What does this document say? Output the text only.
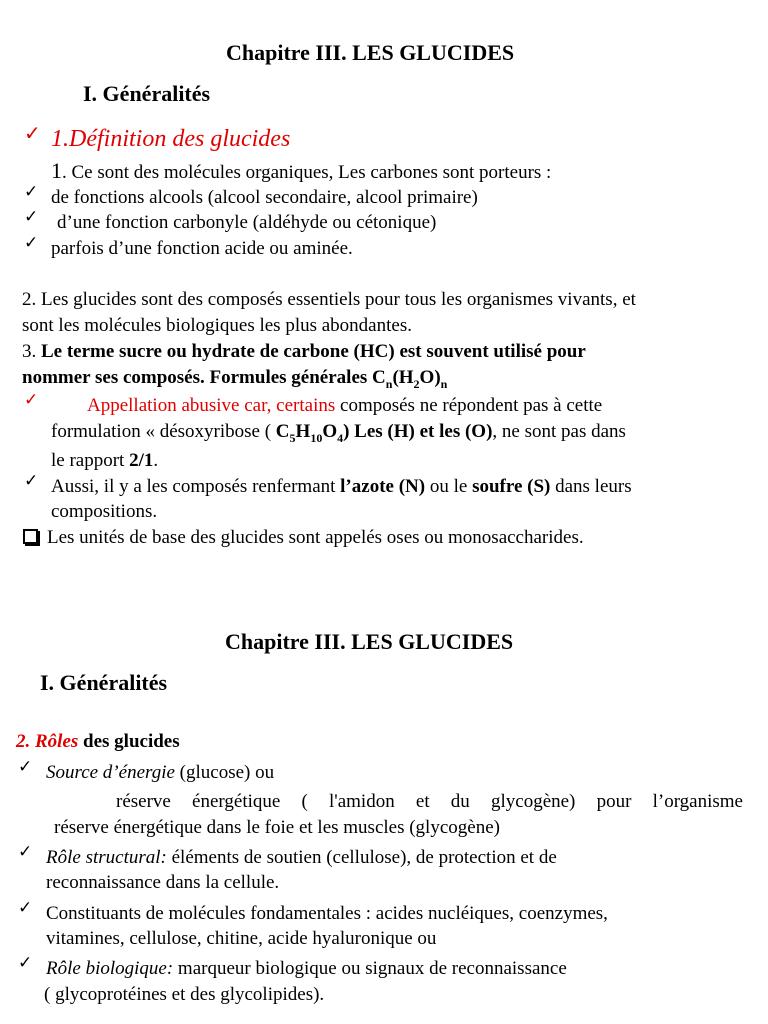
Chapitre III. LES GLUCIDES
I. Généralités
✓ 1.Définition des glucides
1. Ce sont des molécules organiques, Les carbones sont porteurs :
✓ de fonctions alcools (alcool secondaire, alcool primaire)
✓ d’une fonction carbonyle (aldéhyde ou cétonique)
✓ parfois d’une fonction acide ou aminée.
2. Les glucides sont des composés essentiels pour tous les organismes vivants, et
sont les molécules biologiques les plus abondantes.
3. Le terme sucre ou hydrate de carbone (HC) est souvent utilisé pour
nommer ses composés. Formules générales $C_n(H_2O)_n$
✓	Appellation abusive car, certains composés ne répondent pas à cette
formulation « désoxyribose ( $C_5H_{10}O_4$) Les (H) et les (O), ne sont pas dans
le rapport 2/1.
✓ Aussi, il y a les composés renfermant l’azote (N) ou le soufre (S) dans leurs
compositions.
Les unités de base des glucides sont appelés oses ou monosaccharides.
Chapitre III. LES GLUCIDES
I. Généralités
2. Rôles des glucides
✓ Source d’énergie (glucose) ou
réserve énergétique ( l'amidon et du glycogène) pour l’organisme
réserve énergétique dans le foie et les muscles (glycogène)
✓ Rôle structural: éléments de soutien (cellulose), de protection et de
reconnaissance dans la cellule.
✓ Constituants de molécules fondamentales : acides nucléiques, coenzymes,
vitamines, cellulose, chitine, acide hyaluronique ou
✓ Rôle biologique: marqueur biologique ou signaux de reconnaissance
( glycoprotéines et des glycolipides).
